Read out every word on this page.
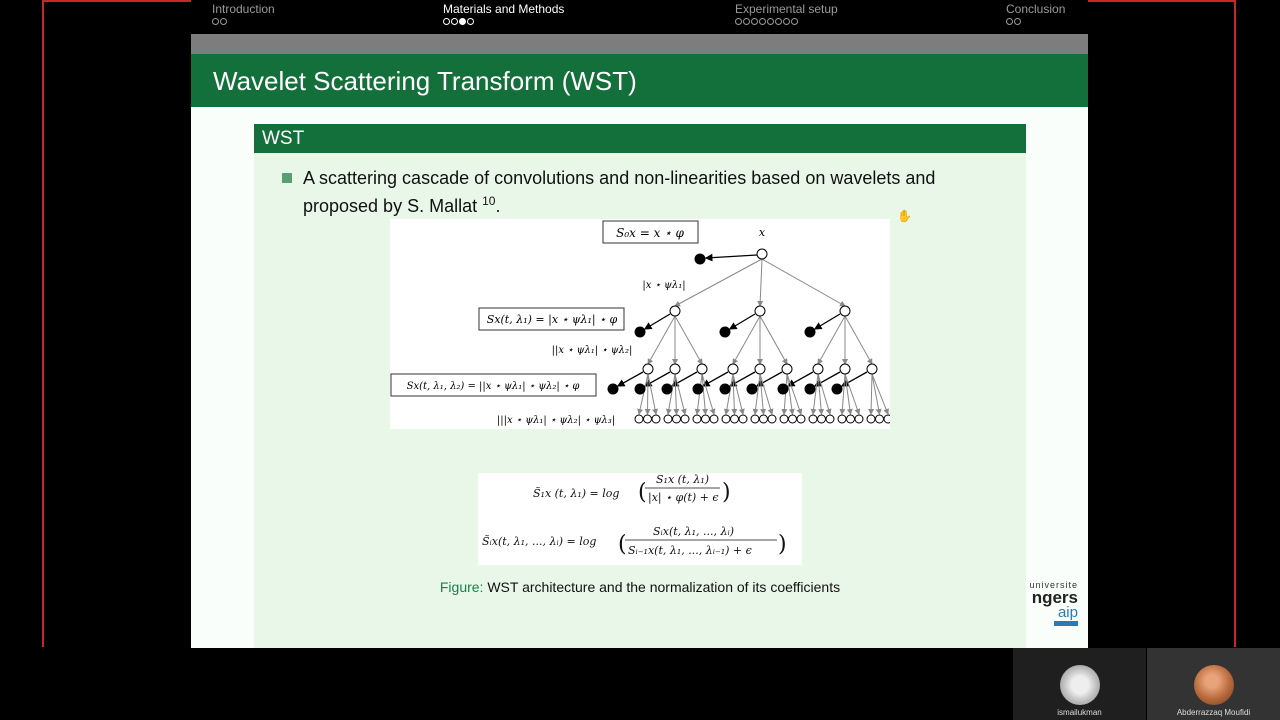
Introduction	Materials and Methods	Experimental setup	Conclusion
Wavelet Scattering Transform (WST)
WST
A scattering cascade of convolutions and non-linearities based on wavelets and proposed by S. Mallat $^{10}$.
S₀x = x ⋆ φ	x
|x ⋆ ψλ₁|
Sx(t, λ₁) = |x ⋆ ψλ₁| ⋆ φ
||x ⋆ ψλ₁| ⋆ ψλ₂|
Sx(t, λ₁, λ₂) = ||x ⋆ ψλ₁| ⋆ ψλ₂| ⋆ φ
|||x ⋆ ψλ₁| ⋆ ψλ₂| ⋆ ψλ₃|
S̃₁x (t, λ₁) = log
S₁x (t, λ₁)
|x| ⋆ φ(t) + ϵ
(	)
S̃ᵢx(t, λ₁, ..., λᵢ) = log
Sᵢx(t, λ₁, ..., λᵢ)
Sᵢ₋₁x(t, λ₁, ..., λᵢ₋₁) + ϵ
(	)
Figure: WST architecture and the normalization of its coefficients	universite
ngers
aip
✋
ismailukman	Abderrazzaq Moufidi
